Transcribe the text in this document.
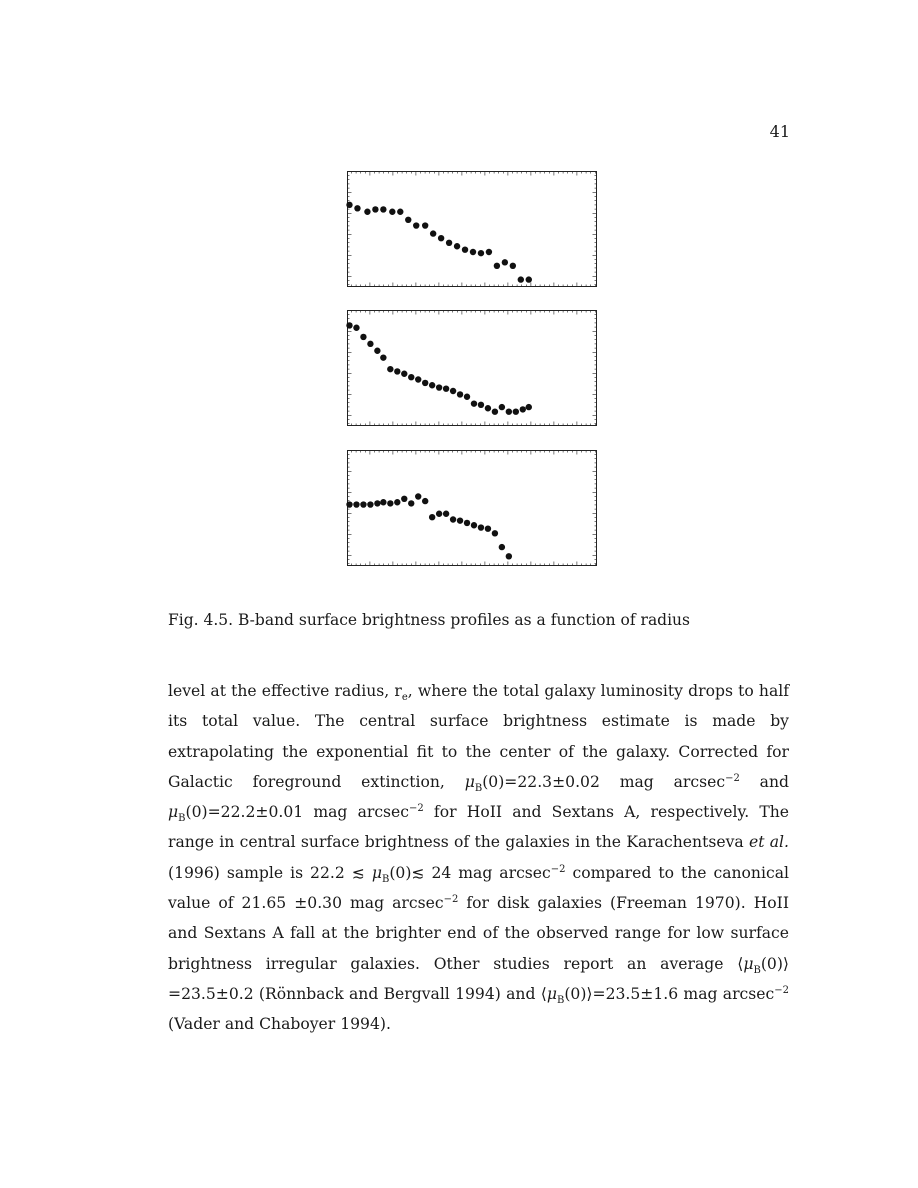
41
Fig. 4.5. B-band surface brightness profiles as a function of radius

level at the effective radius, $r_e$, where the total galaxy luminosity drops to half its total value. The central surface brightness estimate is made by extrapolating the exponential fit to the center of the galaxy. Corrected for Galactic foreground extinction, $\mu_B(0)=22.3\pm 0.02$ mag arcsec$^{-2}$ and $\mu_B(0)=22.2\pm 0.01$ mag arcsec$^{-2}$ for HoII and Sextans A, respectively. The range in central surface brightness of the galaxies in the Karachentseva et al. (1996) sample is 22.2 ≲ $\mu_B(0)≲$ 24 mag arcsec$^{-2}$ compared to the canonical value of 21.65 ±0.30 mag arcsec$^{-2}$ for disk galaxies (Freeman 1970). HoII and Sextans A fall at the brighter end of the observed range for low surface brightness irregular galaxies. Other studies report an average $⟨\mu_B(0)⟩=23.5\pm 0.2$ (Rönnback and Bergvall 1994) and $⟨\mu_B(0)⟩=23.5\pm 1.6$ mag arcsec$^{-2}$ (Vader and Chaboyer 1994).
